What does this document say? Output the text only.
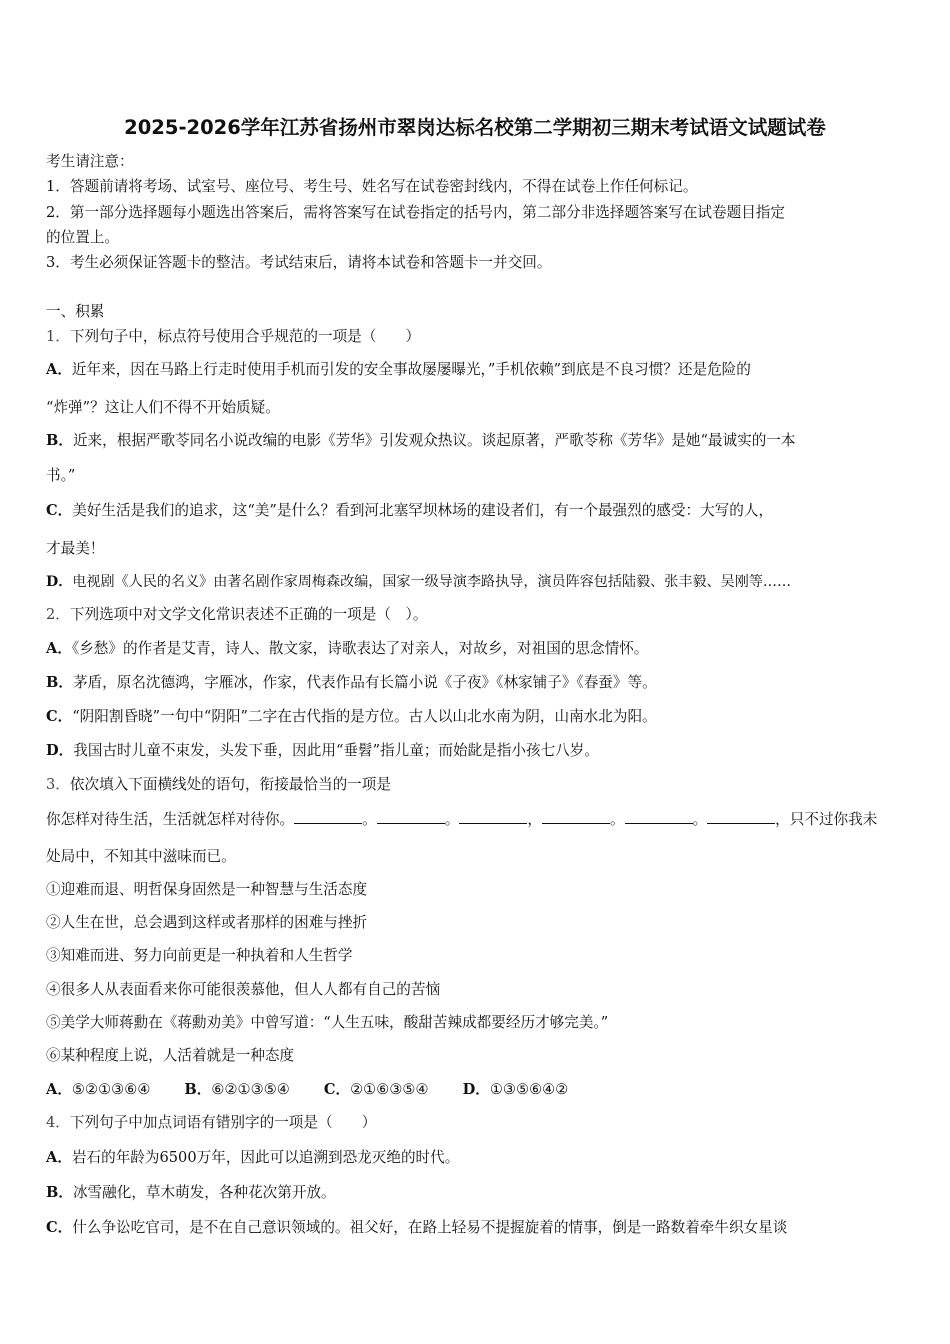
2025-2026学年江苏省扬州市翠岗达标名校第二学期初三期末考试语文试题试卷
考生请注意：
1．答题前请将考场、试室号、座位号、考生号、姓名写在试卷密封线内，不得在试卷上作任何标记。
2．第一部分选择题每小题选出答案后，需将答案写在试卷指定的括号内，第二部分非选择题答案写在试卷题目指定
的位置上。
3．考生必须保证答题卡的整洁。考试结束后，请将本试卷和答题卡一并交回。
一、积累
1．下列句子中，标点符号使用合乎规范的一项是（　　）
A．近年来，因在马路上行走时使用手机而引发的安全事故屡屡曝光，”手机依赖”到底是不良习惯？还是危险的
“炸弹”？这让人们不得不开始质疑。
B．近来，根据严歌苓同名小说改编的电影《芳华》引发观众热议。谈起原著，严歌苓称《芳华》是她“最诚实的一本
书。”
C．美好生活是我们的追求，这“美”是什么？看到河北塞罕坝林场的建设者们，有一个最强烈的感受：大写的人，
才最美！
D．电视剧《人民的名义》由著名剧作家周梅森改编，国家一级导演李路执导，演员阵容包括陆毅、张丰毅、吴刚等……
2．下列选项中对文学文化常识表述不正确的一项是（　）。
A．《乡愁》的作者是艾青，诗人、散文家，诗歌表达了对亲人，对故乡，对祖国的思念情怀。
B．茅盾，原名沈德鸿，字雁冰，作家，代表作品有长篇小说《子夜》《林家铺子》《春蚕》等。
C．“阴阳割昏晓”一句中“阴阳”二字在古代指的是方位。古人以山北水南为阴，山南水北为阳。
D．我国古时儿童不束发，头发下垂，因此用“垂髫”指儿童；而始龀是指小孩七八岁。
3．依次填入下面横线处的语句，衔接最恰当的一项是
你怎样对待生活，生活就怎样对待你。	。	。	，	。	。	，只不过你我未
处局中，不知其中滋味而已。
①迎难而退、明哲保身固然是一种智慧与生活态度
②人生在世，总会遇到这样或者那样的困难与挫折
③知难而进、努力向前更是一种执着和人生哲学
④很多人从表面看来你可能很羡慕他，但人人都有自己的苦恼
⑤美学大师蒋勳在《蒋勳劝美》中曾写道：“人生五味，酸甜苦辣成都要经历才够完美。”
⑥某种程度上说，人活着就是一种态度
A．⑤②①③⑥④ B．⑥②①③⑤④ C．②①⑥③⑤④ D．①③⑤⑥④②
4．下列句子中加点词语有错别字的一项是（　　）
A．岩石的年龄为6500万年，因此可以追溯到恐龙灭绝的时代。
B．冰雪融化，草木萌发，各种花次第开放。
C．什么争讼吃官司，是不在自己意识领域的。祖父好，在路上轻易不提握旋着的情事，倒是一路数着牵牛织女星谈
